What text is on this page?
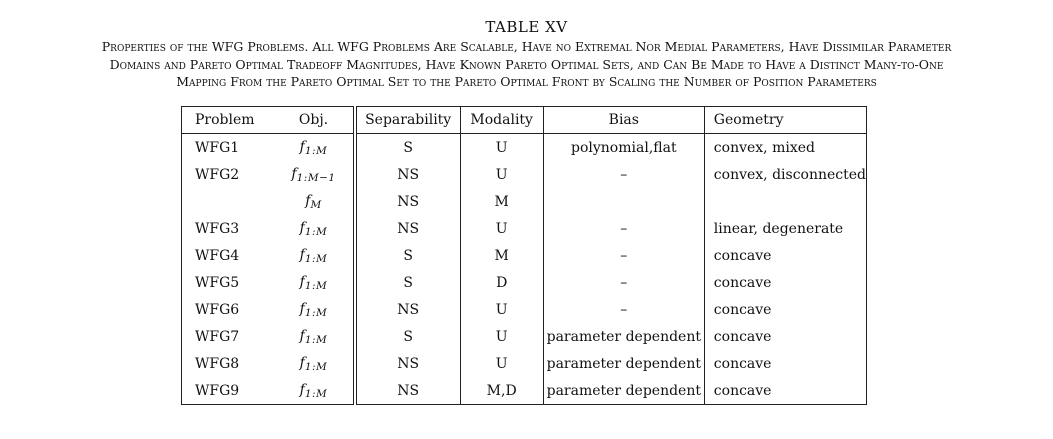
TABLE XV
Properties of the WFG Problems. All WFG Problems Are Scalable, Have no Extremal Nor Medial Parameters, Have Dissimilar Parameter
Domains and Pareto Optimal Tradeoff Magnitudes, Have Known Pareto Optimal Sets, and Can Be Made to Have a Distinct Many-to-One
Mapping From the Pareto Optimal Set to the Pareto Optimal Front by Scaling the Number of Position Parameters
Problem	Obj.	Separability	Modality	Bias	Geometry
WFG1	$f_{1:M}$	S	U	polynomial,flat	convex, mixed
WFG2	$f_{1:M-1}$	NS	U	–	convex, disconnected
	$f_M$	NS	M		
WFG3	$f_{1:M}$	NS	U	–	linear, degenerate
WFG4	$f_{1:M}$	S	M	–	concave
WFG5	$f_{1:M}$	S	D	–	concave
WFG6	$f_{1:M}$	NS	U	–	concave
WFG7	$f_{1:M}$	S	U	parameter dependent	concave
WFG8	$f_{1:M}$	NS	U	parameter dependent	concave
WFG9	$f_{1:M}$	NS	M,D	parameter dependent	concave
